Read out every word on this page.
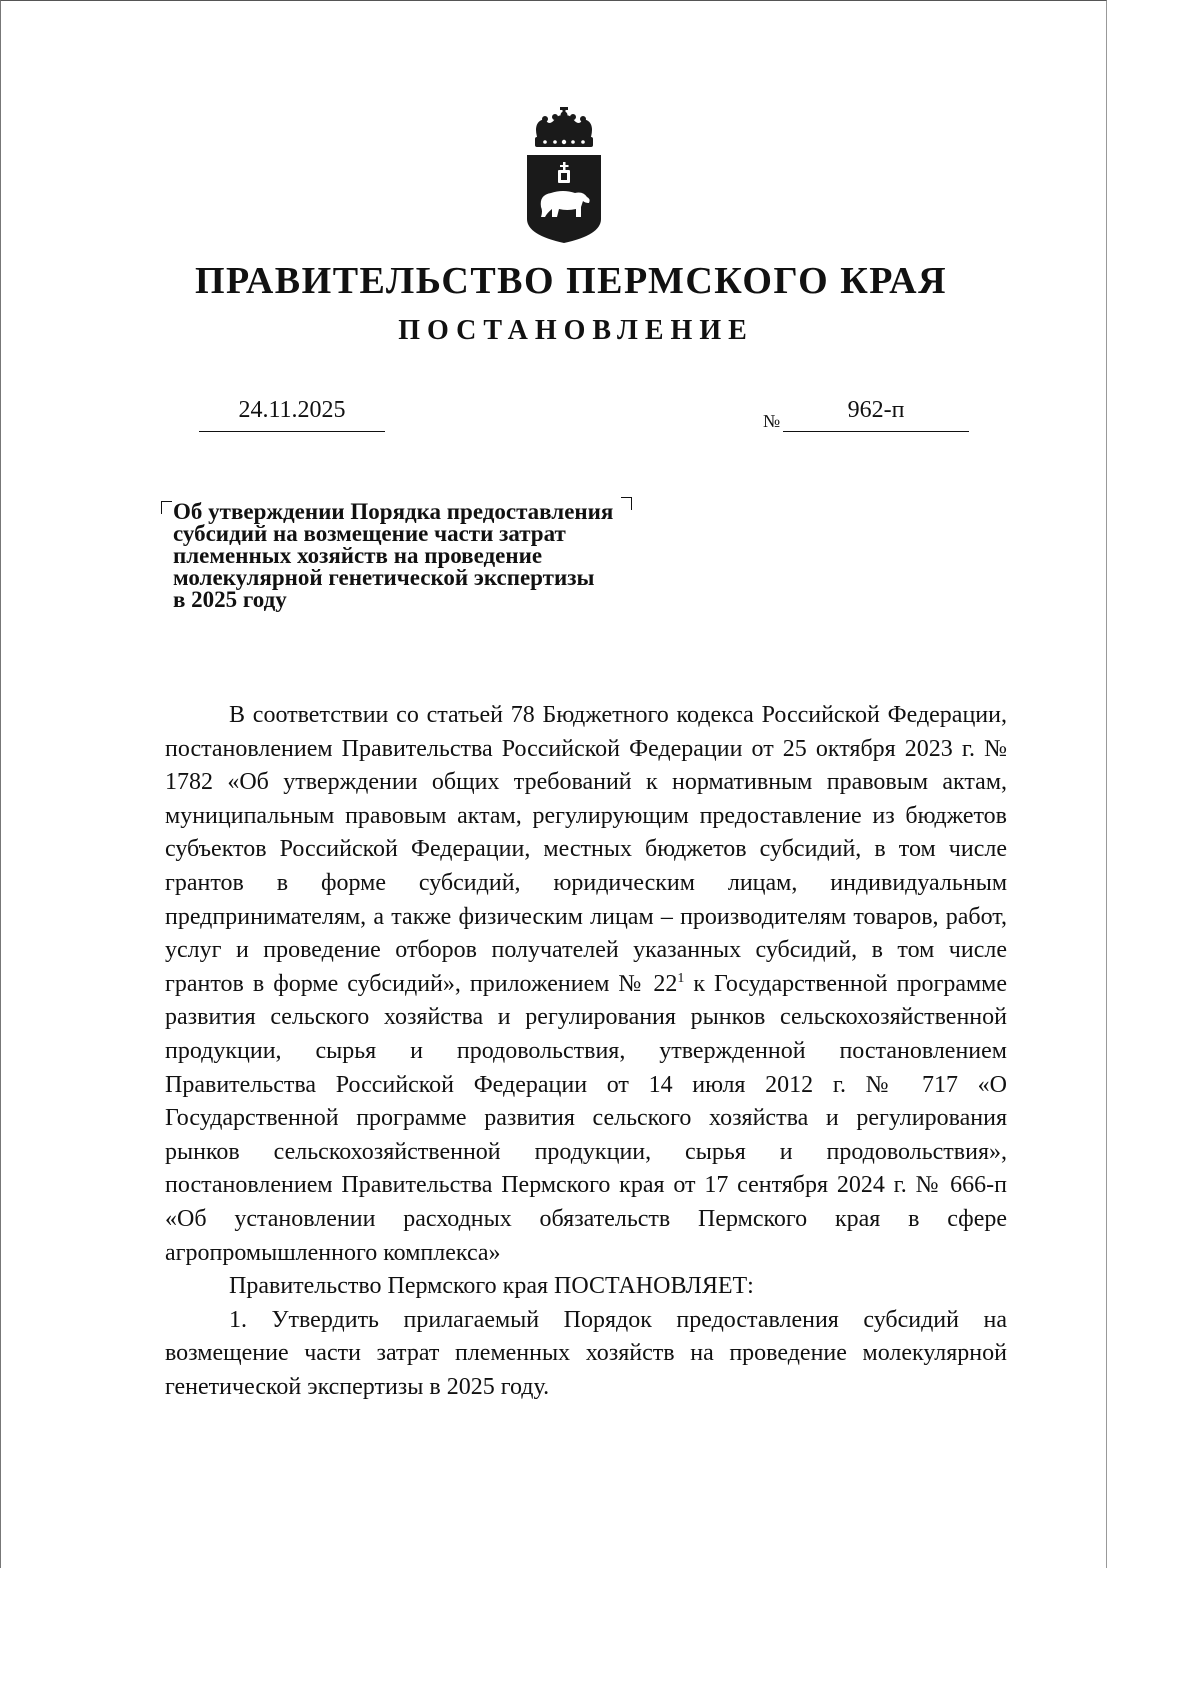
ПРАВИТЕЛЬСТВО ПЕРМСКОГО КРАЯ
ПОСТАНОВЛЕНИЕ
24.11.2025	№	962-п
Об утверждении Порядка предоставления
субсидий на возмещение части затрат
племенных хозяйств на проведение
молекулярной генетической экспертизы
в 2025 году

В соответствии со статьей 78 Бюджетного кодекса Российской Федерации, постановлением Правительства Российской Федерации от 25 октября 2023 г. № 1782 «Об утверждении общих требований к нормативным правовым актам, муниципальным правовым актам, регулирующим предоставление из бюджетов субъектов Российской Федерации, местных бюджетов субсидий, в том числе грантов в форме субсидий, юридическим лицам, индивидуальным предпринимателям, а также физическим лицам – производителям товаров, работ, услуг и проведение отборов получателей указанных субсидий, в том числе грантов в форме субсидий», приложением № $22^1$ к Государственной программе развития сельского хозяйства и регулирования рынков сельскохозяйственной продукции, сырья и продовольствия, утвержденной постановлением Правительства Российской Федерации от 14 июля 2012 г. № 717 «О Государственной программе развития сельского хозяйства и регулирования рынков сельскохозяйственной продукции, сырья и продовольствия», постановлением Правительства Пермского края от 17 сентября 2024 г. № 666-п «Об установлении расходных обязательств Пермского края в сфере агропромышленного комплекса»

Правительство Пермского края ПОСТАНОВЛЯЕТ:

1. Утвердить прилагаемый Порядок предоставления субсидий на возмещение части затрат племенных хозяйств на проведение молекулярной генетической экспертизы в 2025 году.
